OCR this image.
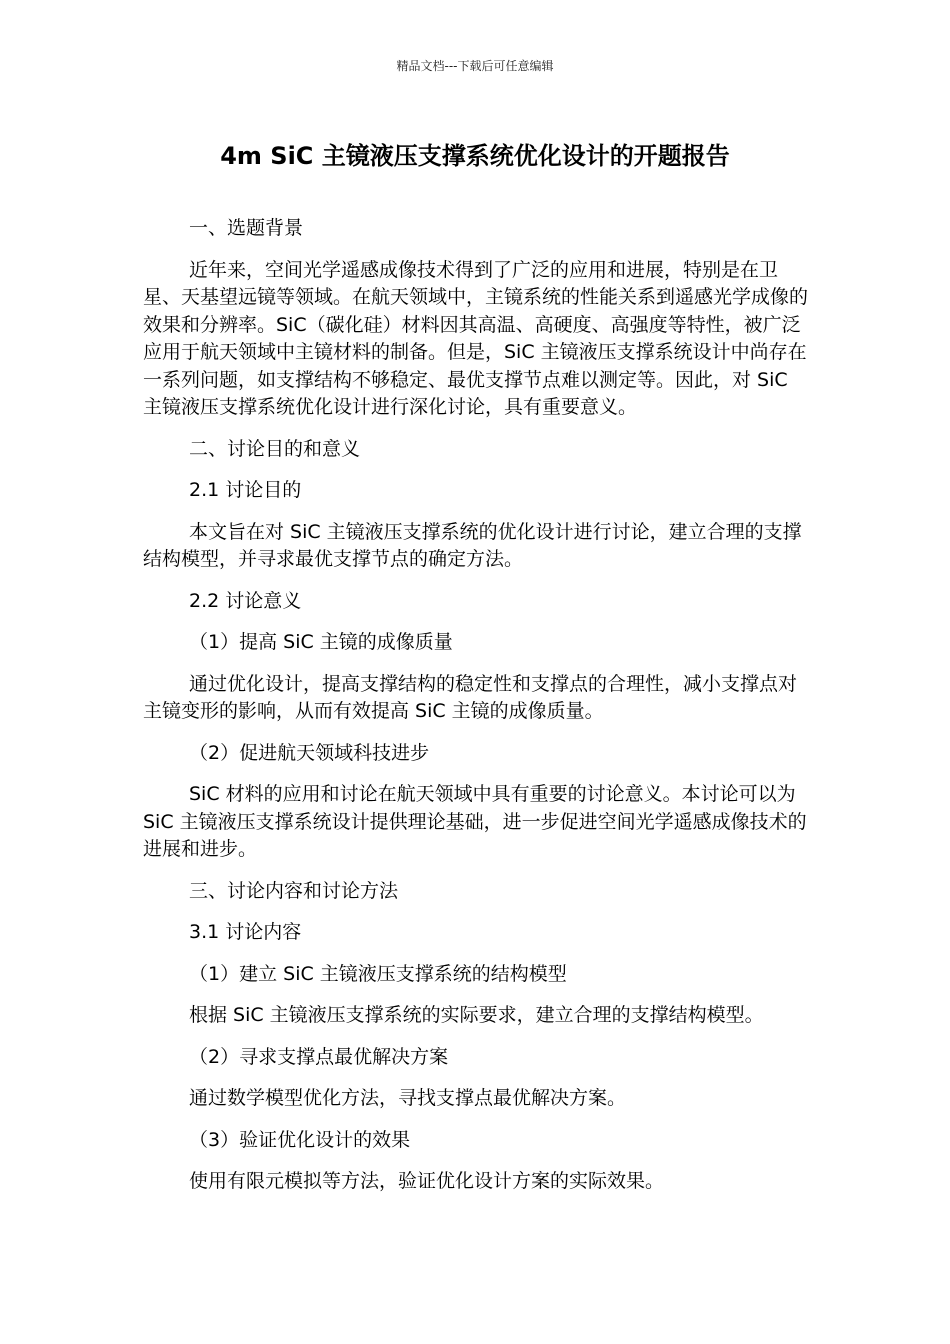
精品文档---下载后可任意编辑
4m SiC 主镜液压支撑系统优化设计的开题报告

一、选题背景

近年来，空间光学遥感成像技术得到了广泛的应用和进展，特别是在卫星、天基望远镜等领域。在航天领域中，主镜系统的性能关系到遥感光学成像的效果和分辨率。SiC（碳化硅）材料因其高温、高硬度、高强度等特性，被广泛应用于航天领域中主镜材料的制备。但是，SiC 主镜液压支撑系统设计中尚存在一系列问题，如支撑结构不够稳定、最优支撑节点难以测定等。因此，对 SiC 主镜液压支撑系统优化设计进行深化讨论，具有重要意义。

二、讨论目的和意义

2.1 讨论目的

本文旨在对 SiC 主镜液压支撑系统的优化设计进行讨论，建立合理的支撑结构模型，并寻求最优支撑节点的确定方法。

2.2 讨论意义

（1）提高 SiC 主镜的成像质量

通过优化设计，提高支撑结构的稳定性和支撑点的合理性，减小支撑点对主镜变形的影响，从而有效提高 SiC 主镜的成像质量。

（2）促进航天领域科技进步

SiC 材料的应用和讨论在航天领域中具有重要的讨论意义。本讨论可以为 SiC 主镜液压支撑系统设计提供理论基础，进一步促进空间光学遥感成像技术的进展和进步。

三、讨论内容和讨论方法

3.1 讨论内容

（1）建立 SiC 主镜液压支撑系统的结构模型

根据 SiC 主镜液压支撑系统的实际要求，建立合理的支撑结构模型。

（2）寻求支撑点最优解决方案

通过数学模型优化方法，寻找支撑点最优解决方案。

（3）验证优化设计的效果

使用有限元模拟等方法，验证优化设计方案的实际效果。
